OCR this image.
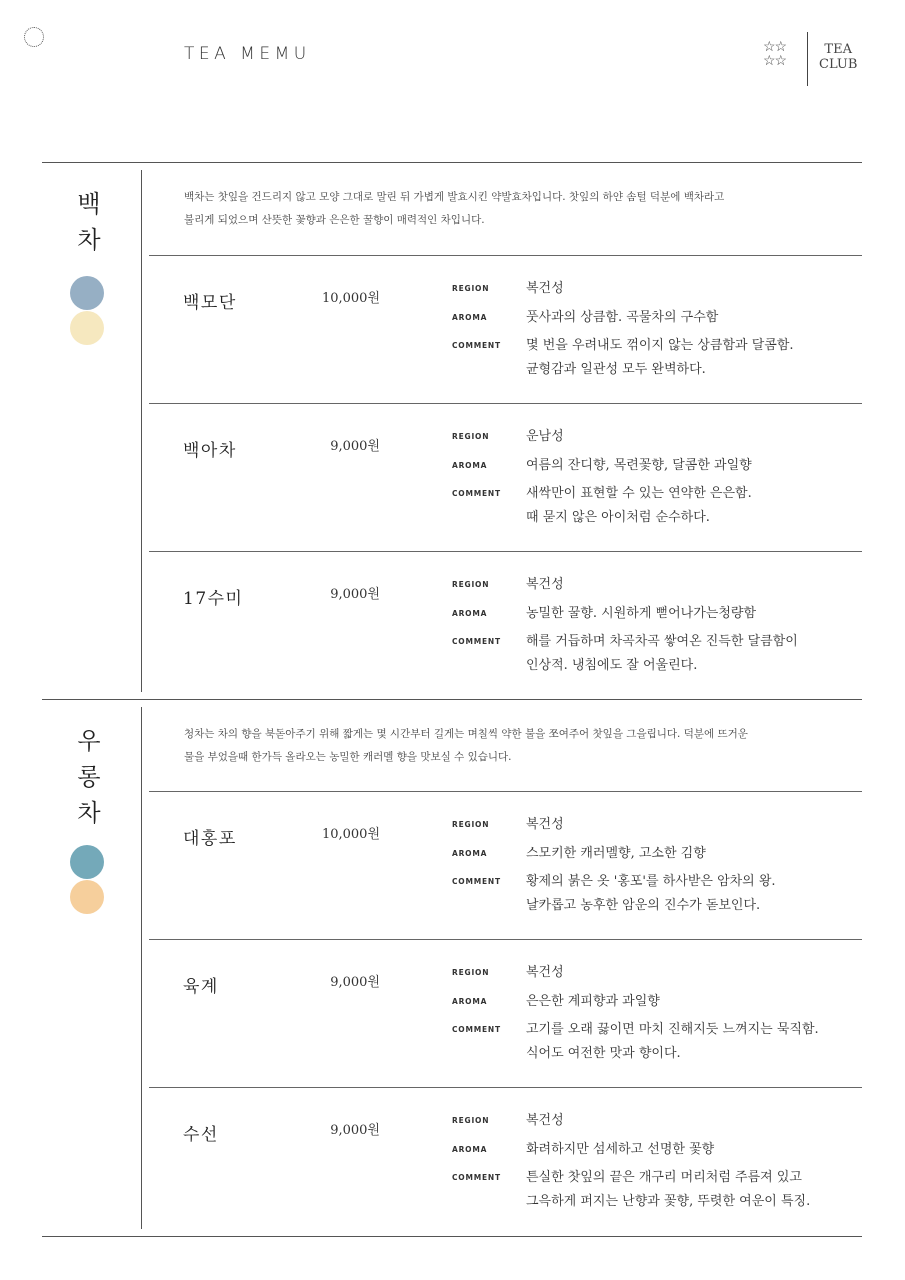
TEA MEMU	☆☆
☆☆
TEA
CLUB
백
차
백차는 찻잎을 건드리지 않고 모양 그대로 말린 뒤 가볍게 발효시킨 약발효차입니다. 찻잎의 하얀 솜털 덕분에 백차라고
불리게 되었으며 산뜻한 꽃향과 은은한 꿀향이 매력적인 차입니다.
백모단	10,000원
REGION	복건성
AROMA	풋사과의 상큼함. 곡물차의 구수함
COMMENT 몇 번을 우려내도 꺾이지 않는 상큼함과 달콤함.
균형감과 일관성 모두 완벽하다.
백아차	9,000원
REGION	운남성
AROMA	여름의 잔디향, 목련꽃향, 달콤한 과일향
COMMENT 새싹만이 표현할 수 있는 연약한 은은함.
때 묻지 않은 아이처럼 순수하다.
17수미	9,000원
REGION	복건성
AROMA	농밀한 꿀향. 시원하게 뻗어나가는청량함
COMMENT 해를 거듭하며 차곡차곡 쌓여온 진득한 달큼함이
인상적. 냉침에도 잘 어울린다.
우
롱
차
청차는 차의 향을 북돋아주기 위해 짧게는 몇 시간부터 길게는 며칠씩 약한 불을 쪼여주어 찻잎을 그을립니다. 덕분에 뜨거운
물을 부었을때 한가득 올라오는 농밀한 캐러멜 향을 맛보실 수 있습니다.
대홍포	10,000원
REGION	복건성
AROMA	스모키한 캐러멜향, 고소한 김향
COMMENT 황제의 붉은 옷 '홍포'를 하사받은 암차의 왕.
날카롭고 농후한 암운의 진수가 돋보인다.
육계	9,000원
REGION	복건성
AROMA	은은한 계피향과 과일향
COMMENT 고기를 오래 끓이면 마치 진해지듯 느껴지는 묵직함.
식어도 여전한 맛과 향이다.
수선	9,000원
REGION	복건성
AROMA	화려하지만 섬세하고 선명한 꽃향
COMMENT 튼실한 찻잎의 끝은 개구리 머리처럼 주름져 있고
그윽하게 퍼지는 난향과 꽃향, 뚜렷한 여운이 특징.
